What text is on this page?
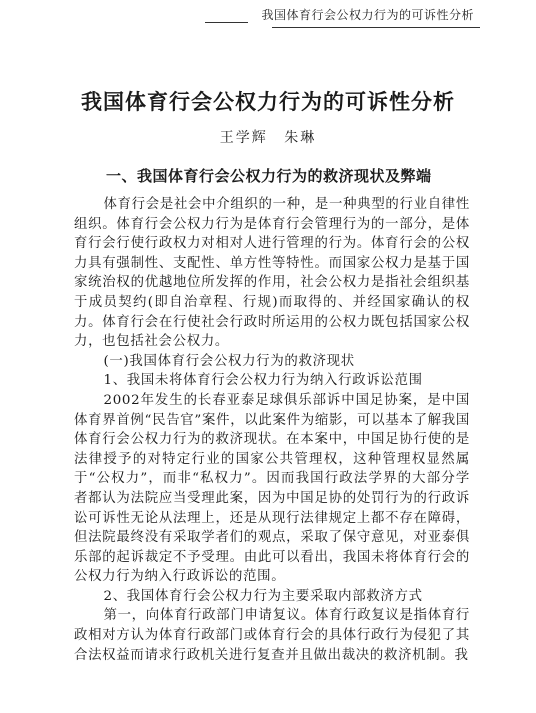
我国体育行会公权力行为的可诉性分析
我国体育行会公权力行为的可诉性分析
王学辉 朱琳
一、我国体育行会公权力行为的救济现状及弊端

体育行会是社会中介组织的一种，是一种典型的行业自律性组织。体育行会公权力行为是体育行会管理行为的一部分，是体育行会行使行政权力对相对人进行管理的行为。体育行会的公权力具有强制性、支配性、单方性等特性。而国家公权力是基于国家统治权的优越地位所发挥的作用，社会公权力是指社会组织基于成员契约(即自治章程、行规)而取得的、并经国家确认的权力。体育行会在行使社会行政时所运用的公权力既包括国家公权力，也包括社会公权力。

(一)我国体育行会公权力行为的救济现状

1、我国未将体育行会公权力行为纳入行政诉讼范围

2002年发生的长春亚泰足球俱乐部诉中国足协案，是中国体育界首例“民告官”案件，以此案件为缩影，可以基本了解我国体育行会公权力行为的救济现状。在本案中，中国足协行使的是法律授予的对特定行业的国家公共管理权，这种管理权显然属于“公权力”，而非“私权力”。因而我国行政法学界的大部分学者都认为法院应当受理此案，因为中国足协的处罚行为的行政诉讼可诉性无论从法理上，还是从现行法律规定上都不存在障碍，但法院最终没有采取学者们的观点，采取了保守意见，对亚泰俱乐部的起诉裁定不予受理。由此可以看出，我国未将体育行会的公权力行为纳入行政诉讼的范围。

2、我国体育行会公权力行为主要采取内部救济方式

第一，向体育行政部门申请复议。体育行政复议是指体育行政相对方认为体育行政部门或体育行会的具体行政行为侵犯了其合法权益而请求行政机关进行复查并且做出裁决的救济机制。我
